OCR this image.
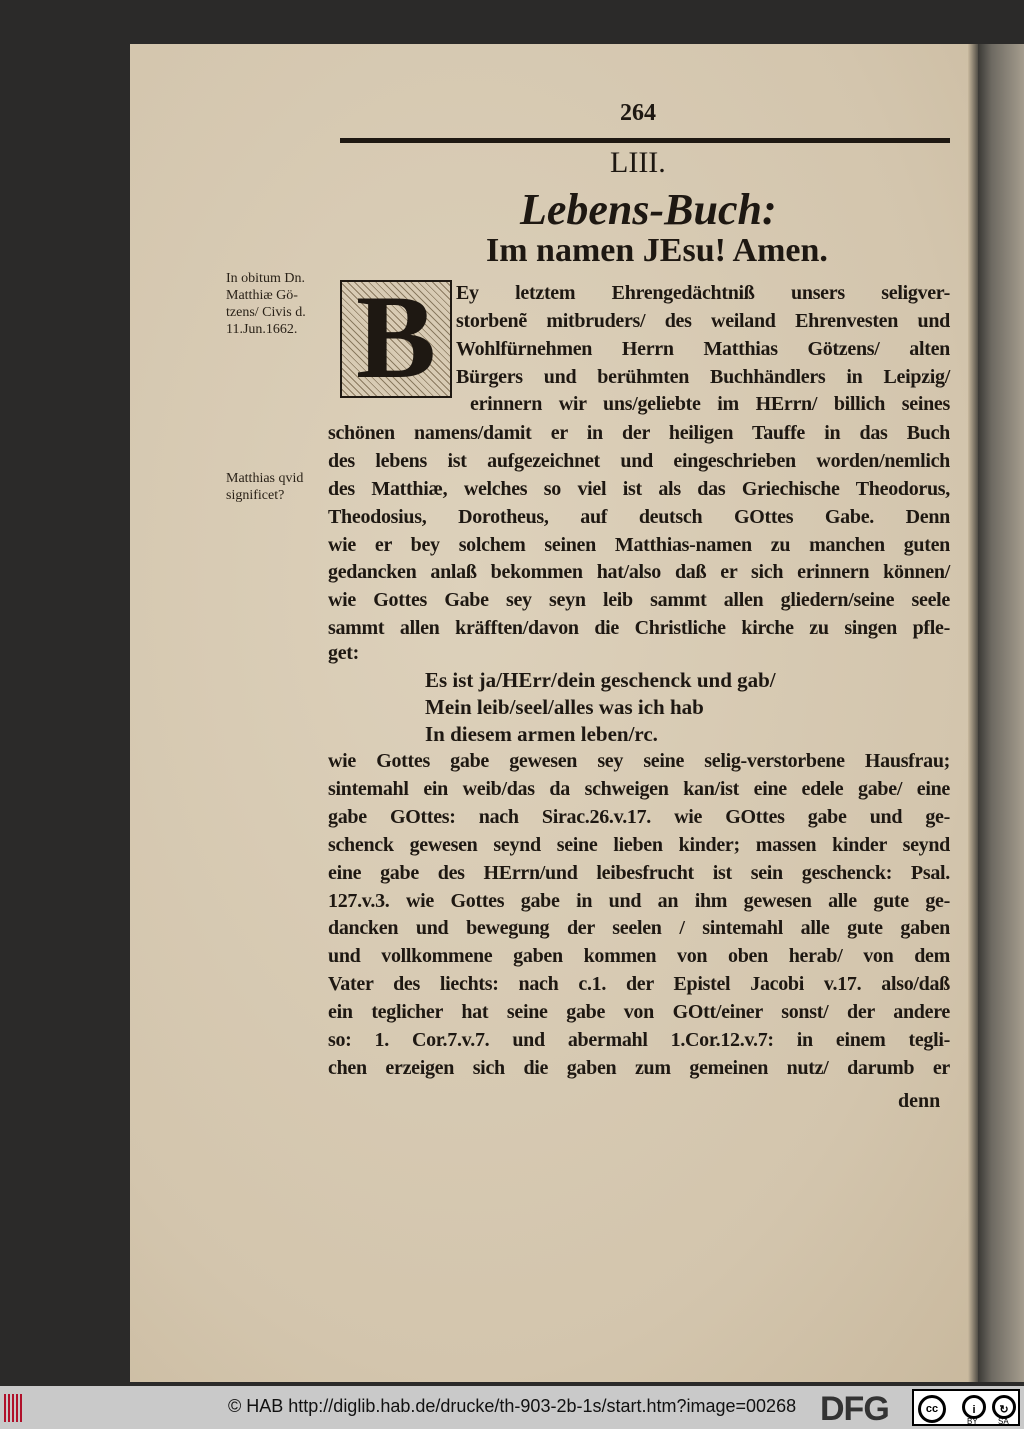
264
LIII.
Lebens-Buch:
Im namen JEsu! Amen.
In obitum Dn.
Matthiæ Gö-
tzens/ Civis d.
11.Jun.1662.
Matthias qvid
significet?
B Ey letztem Ehrengedächtniß unsers seligver-
storbenẽ mitbruders/ des weiland Ehrenvesten und
Wohlfürnehmen Herrn Matthias Götzens/ alten
Bürgers und berühmten Buchhändlers in Leipzig/
erinnern wir uns/geliebte im HErrn/ billich seines
schönen namens/damit er in der heiligen Tauffe in das Buch
des lebens ist aufgezeichnet und eingeschrieben worden/nemlich
des Matthiæ, welches so viel ist als das Griechische Theodorus,
Theodosius, Dorotheus, auf deutsch GOttes Gabe. Denn
wie er bey solchem seinen Matthias-namen zu manchen guten
gedancken anlaß bekommen hat/also daß er sich erinnern können/
wie Gottes Gabe sey seyn leib sammt allen gliedern/seine seele
sammt allen kräfften/davon die Christliche kirche zu singen pfle-
get:
Es ist ja/HErr/dein geschenck und gab/
Mein leib/seel/alles was ich hab
In diesem armen leben/rc.
wie Gottes gabe gewesen sey seine selig-verstorbene Hausfrau;
sintemahl ein weib/das da schweigen kan/ist eine edele gabe/ eine
gabe GOttes: nach Sirac.26.v.17. wie GOttes gabe und ge-
schenck gewesen seynd seine lieben kinder; massen kinder seynd
eine gabe des HErrn/und leibesfrucht ist sein geschenck: Psal.
127.v.3. wie Gottes gabe in und an ihm gewesen alle gute ge-
dancken und bewegung der seelen / sintemahl alle gute gaben
und vollkommene gaben kommen von oben herab/ von dem
Vater des liechts: nach c.1. der Epistel Jacobi v.17. also/daß
ein teglicher hat seine gabe von GOtt/einer sonst/ der andere
so: 1. Cor.7.v.7. und abermahl 1.Cor.12.v.7: in einem tegli-
chen erzeigen sich die gaben zum gemeinen nutz/ darumb er
denn
© HAB http://diglib.hab.de/drucke/th-903-2b-1s/start.htm?image=00268 DFG	cc	i	↻
BY	SA
